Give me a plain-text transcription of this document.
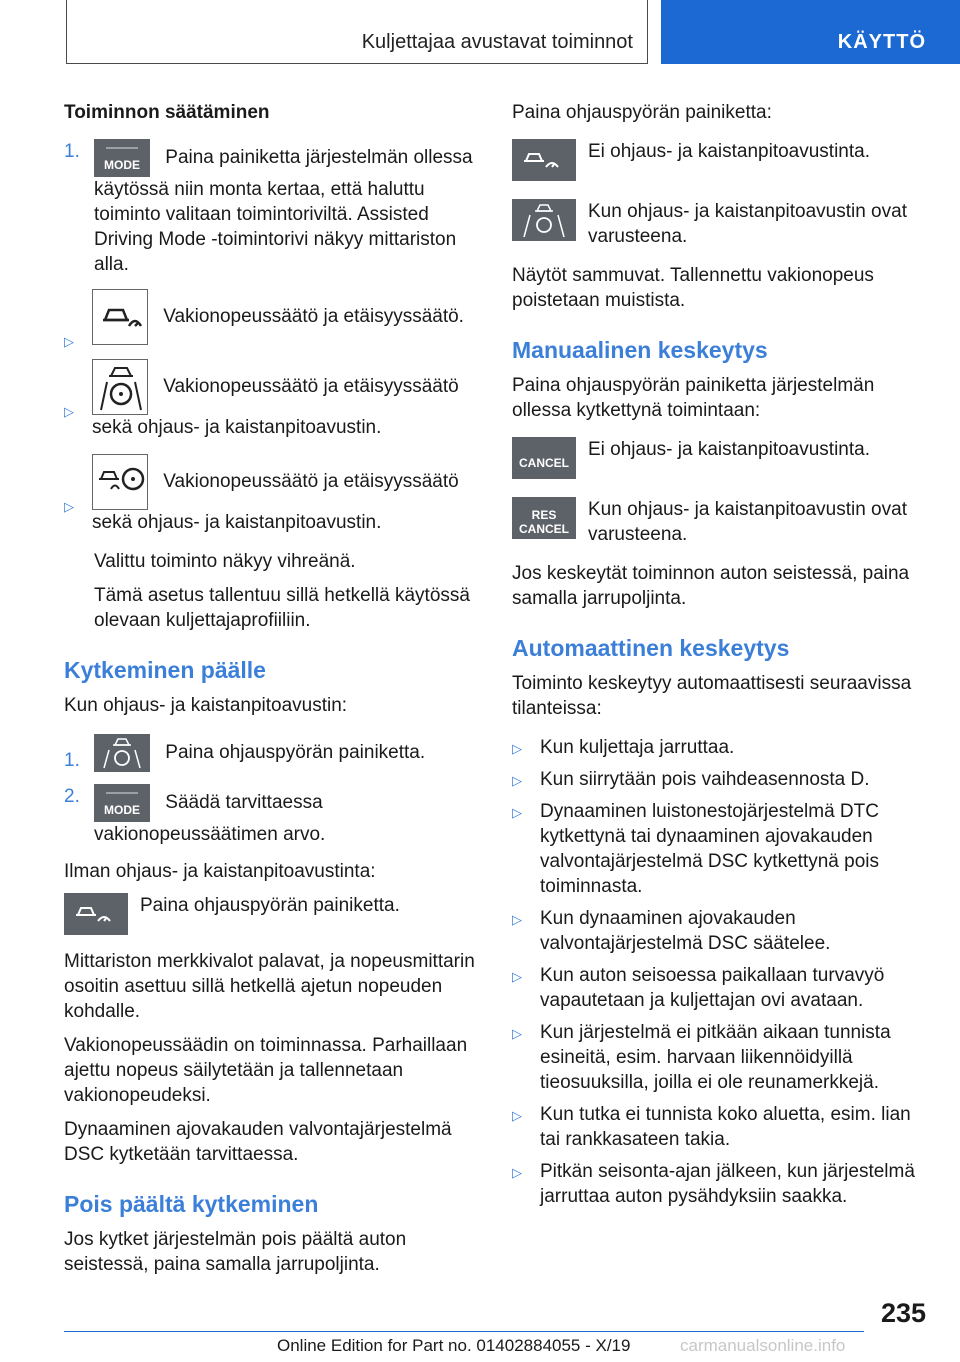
Kuljettajaa avustavat toiminnot	KÄYTTÖ

Toiminnon säätäminen

1.
MODE	Paina painiketta järjestelmän ollessa käytössä niin monta kertaa, että haluttu toiminto valitaan toimintoriviltä. Assisted Driving Mode -toimintorivi näkyy mittariston alla.
▷
Vakionopeussäätö ja etäisyyssäätö.
▷
Vakionopeussäätö ja etäisyyssäätö sekä ohjaus- ja kaistanpitoavustin.
▷
Vakionopeussäätö ja etäisyyssäätö sekä ohjaus- ja kaistanpitoavustin.

Valittu toiminto näkyy vihreänä.

Tämä asetus tallentuu sillä hetkellä käytössä olevaan kuljettajaprofiiliin.

Kytkeminen päälle

Kun ohjaus- ja kaistanpitoavustin:

1.	Paina ohjauspyörän painiketta.
2.
MODE	Säädä tarvittaessa vakionopeussäätimen arvo.

Ilman ohjaus- ja kaistanpitoavustinta:

Paina ohjauspyörän painiketta.

Mittariston merkkivalot palavat, ja nopeusmittarin osoitin asettuu sillä hetkellä ajetun nopeuden kohdalle.

Vakionopeussäädin on toiminnassa. Parhaillaan ajettu nopeus säilytetään ja tallennetaan vakionopeudeksi.

Dynaaminen ajovakauden valvontajärjestelmä DSC kytketään tarvittaessa.

Pois päältä kytkeminen

Jos kytket järjestelmän pois päältä auton seistessä, paina samalla jarrupoljinta.

Paina ohjauspyörän painiketta:

Ei ohjaus- ja kaistanpitoavustinta.
Kun ohjaus- ja kaistanpitoavustin ovat varusteena.

Näytöt sammuvat. Tallennettu vakionopeus poistetaan muistista.

Manuaalinen keskeytys

Paina ohjauspyörän painiketta järjestelmän ollessa kytkettynä toimintaan:

CANCEL
Ei ohjaus- ja kaistanpitoavustinta.
RES
CANCEL
Kun ohjaus- ja kaistanpitoavustin ovat varusteena.

Jos keskeytät toiminnon auton seistessä, paina samalla jarrupoljinta.

Automaattinen keskeytys

Toiminto keskeytyy automaattisesti seuraavissa tilanteissa:

▷ Kun kuljettaja jarruttaa.
▷ Kun siirrytään pois vaihdeasennosta D.
▷ Dynaaminen luistonestojärjestelmä DTC kytkettynä tai dynaaminen ajovakauden valvontajärjestelmä DSC kytkettynä pois toiminnasta.
▷ Kun dynaaminen ajovakauden valvontajärjestelmä DSC säätelee.
▷ Kun auton seisoessa paikallaan turvavyö vapautetaan ja kuljettajan ovi avataan.
▷ Kun järjestelmä ei pitkään aikaan tunnista esineitä, esim. harvaan liikennöidyillä tieosuuksilla, joilla ei ole reunamerkkejä.
▷ Kun tutka ei tunnista koko aluetta, esim. lian tai rankkasateen takia.
▷ Pitkän seisonta-ajan jälkeen, kun järjestelmä jarruttaa auton pysähdyksiin saakka.
235
Online Edition for Part no. 01402884055 - X/19	carmanualsonline.info
